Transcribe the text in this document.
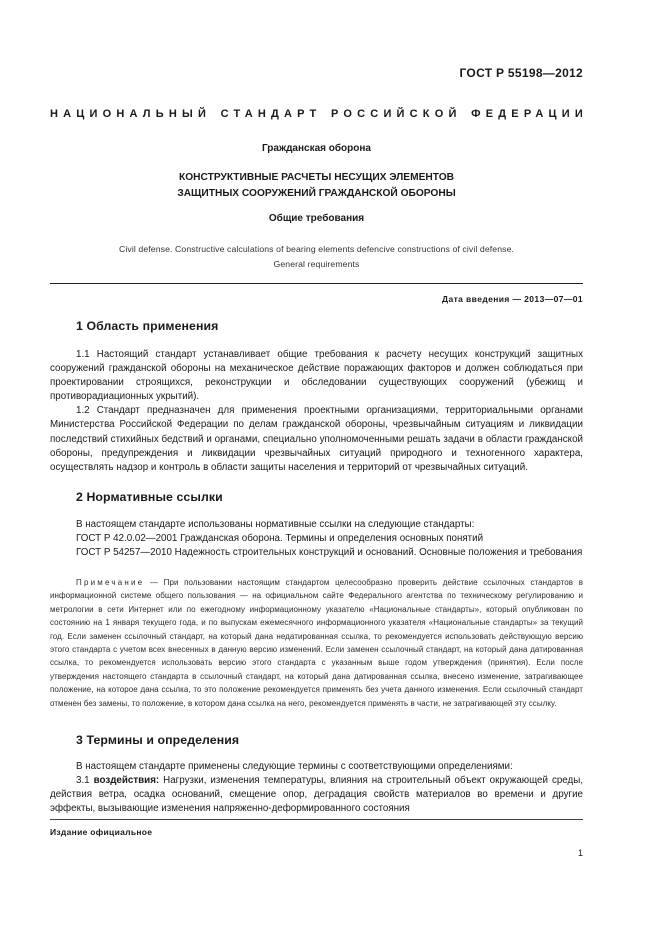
ГОСТ Р 55198—2012
НАЦИОНАЛЬНЫЙ СТАНДАРТ РОССИЙСКОЙ ФЕДЕРАЦИИ
Гражданская оборона
КОНСТРУКТИВНЫЕ РАСЧЕТЫ НЕСУЩИХ ЭЛЕМЕНТОВ
ЗАЩИТНЫХ СООРУЖЕНИЙ ГРАЖДАНСКОЙ ОБОРОНЫ
Общие требования
Civil defense. Constructive calculations of bearing elements defencive constructions of civil defense.
General requirements
Дата введения — 2013—07—01
1 Область применения
1.1 Настоящий стандарт устанавливает общие требования к расчету несущих конструкций защитных сооружений гражданской обороны на механическое действие поражающих факторов и должен соблюдаться при проектировании строящихся, реконструкции и обследовании существующих сооружений (убежищ и противорадиационных укрытий).
1.2 Стандарт предназначен для применения проектными организациями, территориальными органами Министерства Российской Федерации по делам гражданской обороны, чрезвычайным ситуациям и ликвидации последствий стихийных бедствий и органами, специально уполномоченными решать задачи в области гражданской обороны, предупреждения и ликвидации чрезвычайных ситуаций природного и техногенного характера, осуществлять надзор и контроль в области защиты населения и территорий от чрезвычайных ситуаций.
2 Нормативные ссылки
В настоящем стандарте использованы нормативные ссылки на следующие стандарты:
ГОСТ Р 42.0.02—2001 Гражданская оборона. Термины и определения основных понятий
ГОСТ Р 54257—2010 Надежность строительных конструкций и оснований. Основные положения и требования
Примечание — При пользовании настоящим стандартом целесообразно проверить действие ссылочных стандартов в информационной системе общего пользования — на официальном сайте Федерального агентства по техническому регулированию и метрологии в сети Интернет или по ежегодному информационному указателю «Национальные стандарты», который опубликован по состоянию на 1 января текущего года, и по выпускам ежемесячного информационного указателя «Национальные стандарты» за текущий год. Если заменен ссылочный стандарт, на который дана недатированная ссылка, то рекомендуется использовать действующую версию этого стандарта с учетом всех внесенных в данную версию изменений. Если заменен ссылочный стандарт, на который дана датированная ссылка, то рекомендуется использовать версию этого стандарта с указанным выше годом утверждения (принятия). Если после утверждения настоящего стандарта в ссылочный стандарт, на который дана датированная ссылка, внесено изменение, затрагивающее положение, на которое дана ссылка, то это положение рекомендуется применять без учета данного изменения. Если ссылочный стандарт отменен без замены, то положение, в котором дана ссылка на него, рекомендуется применять в части, не затрагивающей эту ссылку.
3 Термины и определения
В настоящем стандарте применены следующие термины с соответствующими определениями:
3.1 воздействия: Нагрузки, изменения температуры, влияния на строительный объект окружающей среды, действия ветра, осадка оснований, смещение опор, деградация свойств материалов во времени и другие эффекты, вызывающие изменения напряженно-деформированного состояния
Издание официальное
1
